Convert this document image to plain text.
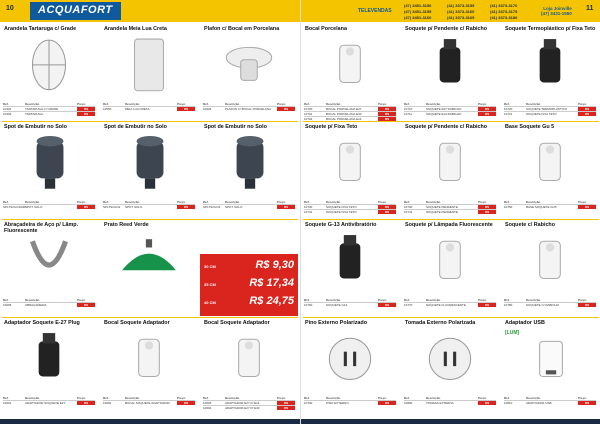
10	ACQUAFORT
Arandela Tartaruga c/ Grade
Ref.	Descrição	Preço
10401	TARTARUGA C/ GRADE	R$
10402	TARTARUGA	R$
Arandela Meia Lua Creta
Ref.	Descrição	Preço
10550	MEIA LUA CRETA	R$
Plafon c/ Bocal em Porcelana
Ref.	Descrição	Preço
10003	PLAFON C/ BOCAL PORCELANA	R$
Spot de Embutir no Solo
Ref.	Descrição	Preço
SPLTSOLO1000 SPOT SOLO	R$
Spot de Embutir no Solo
Ref.	Descrição	Preço
SPLTSOLO2	SPOT SOLO	R$
Spot de Embutir no Solo
Ref.	Descrição	Preço
SPLTSOLO3	SPOT SOLO	R$
Abraçadeira de Aço p/ Lâmp. Fluorescente
Ref.	Descrição	Preço
10005	ABRAÇADEIRA	R$
Prato Reed Verde
Adaptador Soquete E-27 Plug
Ref.	Descrição	Preço
10601	ADAPTADOR SOQUETE E27	R$
Bocal Soquete Adaptador
Ref.	Descrição	Preço
10602	BOCAL SOQUETE ADAPTADOR	R$
Bocal Soquete Adaptador
Ref.	Descrição	Preço
10603	ADAPTADOR E27 P/ E14	R$
10604	ADAPTADOR E27 P/ E40	R$
30 CM	R$ 9,30
35 CM	R$ 17,34
40 CM	R$ 24,75
TELEVENDAS
(47) 3451-3150
(47) 3451-3155
(47) 3451-3160
(41) 3373-3155
(41) 3373-3160
(41) 3373-3165
(41) 3373-3170
(41) 3373-3175
(41) 3373-3180
Loja Joinville
(47) 3431-1550
11
Bocal Porcelana
Ref.	Descrição	Preço
10700	BOCAL PORCELANA E27	R$
10701	BOCAL PORCELANA E40	R$
10702	BOCAL PORCELANA E14	R$
Soquete p/ Pendente c/ Rabicho
Ref.	Descrição	Preço
10710	SOQUETE E27 RABICHO	R$
10711	SOQUETE E14 RABICHO	R$
Soquete Termoplástico p/ Fixa Teto
Ref.	Descrição	Preço
10720	SOQUETE TERMOPLÁSTICO	R$
10721	SOQUETE FIXA TETO	R$
Soquete p/ Fixa Teto
Ref.	Descrição	Preço
10730	SOQUETE FIXA TETO	R$
10731	SOQUETE FIXA TETO	R$
Soquete p/ Pendente c/ Rabicho
Ref.	Descrição	Preço
10740	SOQUETE PENDENTE	R$
10741	SOQUETE PENDENTE	R$
Base Soquete Gu 5
Ref.	Descrição	Preço
10750	BASE SOQUETE GU5	R$
Soquete G-13 Antivibratório
Ref.	Descrição	Preço
10760	SOQUETE G13	R$
Soquete p/ Lâmpada Fluorescente
Ref.	Descrição	Preço
10770	SOQUETE FLUORESCENTE	R$
Soquete c/ Rabicho
Ref.	Descrição	Preço
10780	SOQUETE C/ RABICHO	R$
Pino Externo Polarizado
Ref.	Descrição	Preço
10790	PINO EXTERNO	R$
Tomada Externo Polarizada
Ref.	Descrição	Preço
10800	TOMADA EXTERNA	R$
Adaptador USB
[LUM]
Ref.	Descrição	Preço
10810	ADAPTADOR USB	R$
